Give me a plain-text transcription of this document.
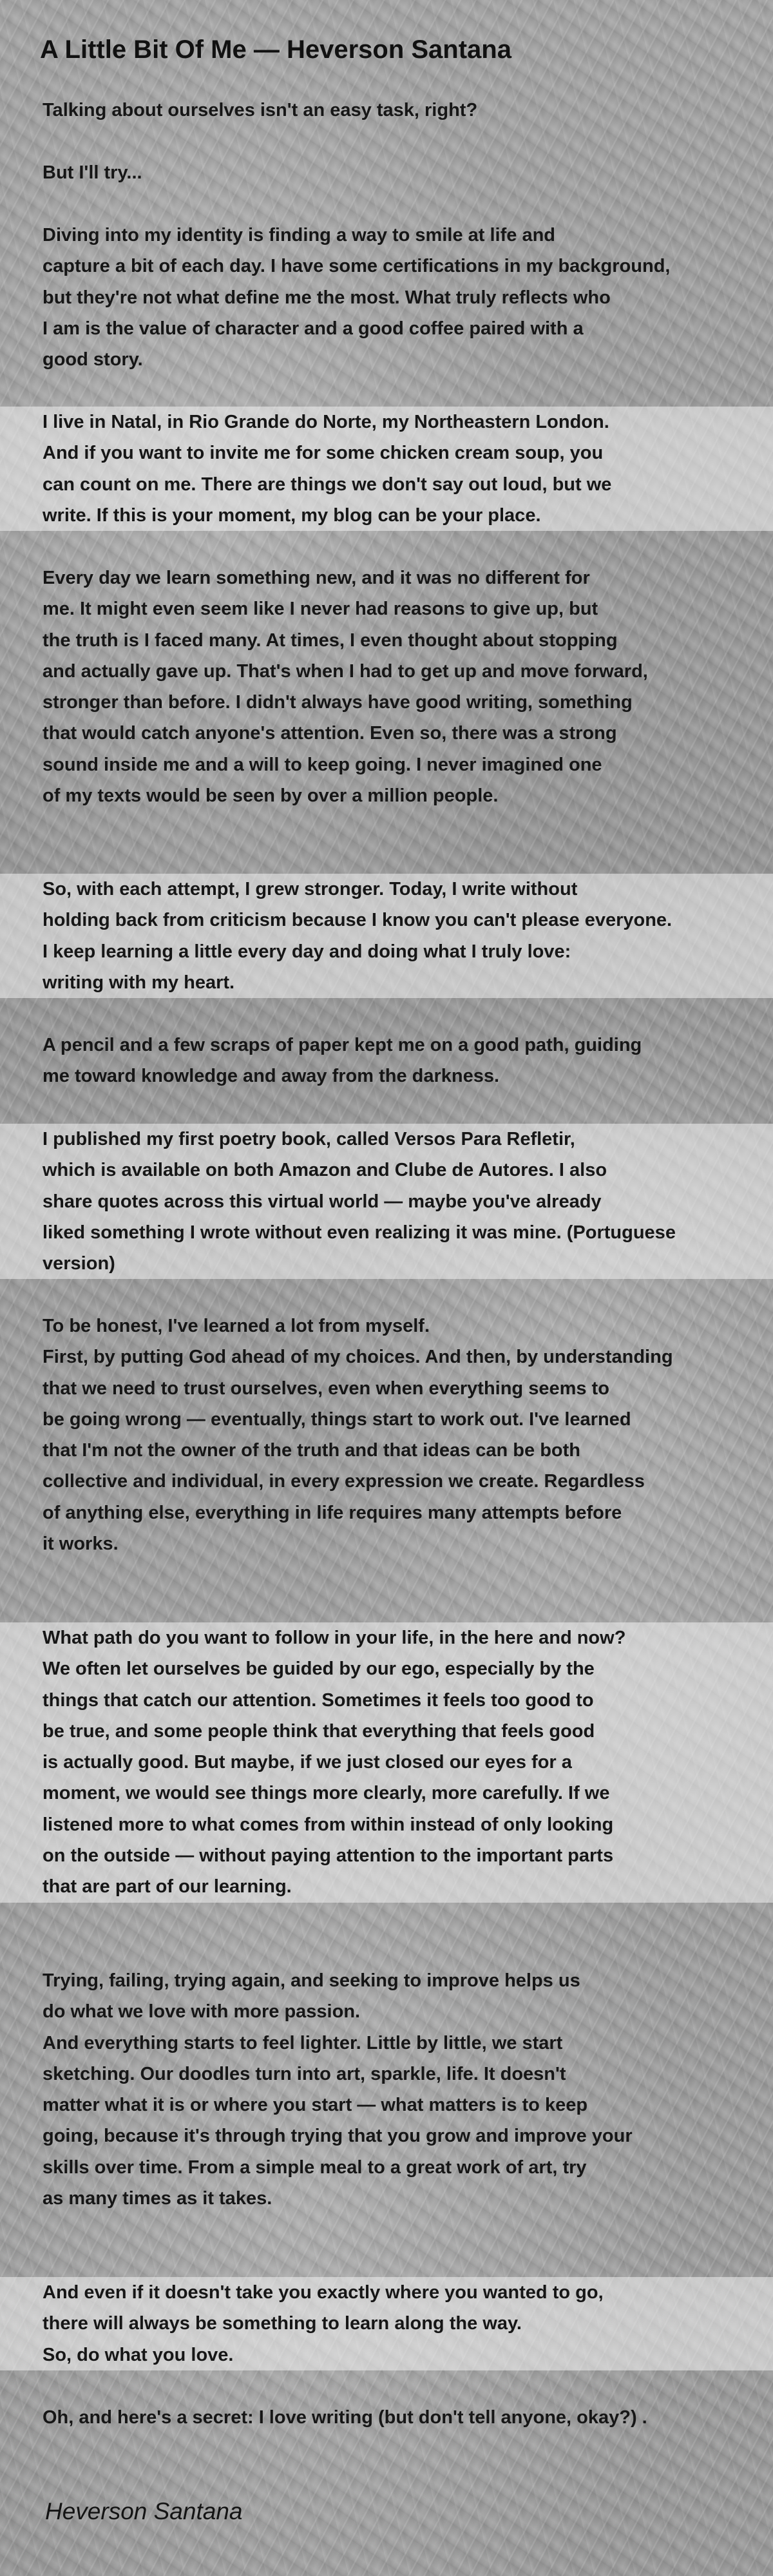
A Little Bit Of Me — Heverson Santana
Talking about ourselves isn't an easy task, right?
But I'll try...
Diving into my identity is finding a way to smile at life and
capture a bit of each day. I have some certifications in my background,
but they're not what define me the most. What truly reflects who
I am is the value of character and a good coffee paired with a
good story.
I live in Natal, in Rio Grande do Norte, my Northeastern London.
And if you want to invite me for some chicken cream soup, you
can count on me. There are things we don't say out loud, but we
write. If this is your moment, my blog can be your place.
Every day we learn something new, and it was no different for
me. It might even seem like I never had reasons to give up, but
the truth is I faced many. At times, I even thought about stopping
and actually gave up. That's when I had to get up and move forward,
stronger than before. I didn't always have good writing, something
that would catch anyone's attention. Even so, there was a strong
sound inside me and a will to keep going. I never imagined one
of my texts would be seen by over a million people.
So, with each attempt, I grew stronger. Today, I write without
holding back from criticism because I know you can't please everyone.
I keep learning a little every day and doing what I truly love:
writing with my heart.
A pencil and a few scraps of paper kept me on a good path, guiding
me toward knowledge and away from the darkness.
I published my first poetry book, called Versos Para Refletir,
which is available on both Amazon and Clube de Autores. I also
share quotes across this virtual world — maybe you've already
liked something I wrote without even realizing it was mine. (Portuguese
version)
To be honest, I've learned a lot from myself.
First, by putting God ahead of my choices. And then, by understanding
that we need to trust ourselves, even when everything seems to
be going wrong — eventually, things start to work out. I've learned
that I'm not the owner of the truth and that ideas can be both
collective and individual, in every expression we create. Regardless
of anything else, everything in life requires many attempts before
it works.
What path do you want to follow in your life, in the here and now?
We often let ourselves be guided by our ego, especially by the
things that catch our attention. Sometimes it feels too good to
be true, and some people think that everything that feels good
is actually good. But maybe, if we just closed our eyes for a
moment, we would see things more clearly, more carefully. If we
listened more to what comes from within instead of only looking
on the outside — without paying attention to the important parts
that are part of our learning.
Trying, failing, trying again, and seeking to improve helps us
do what we love with more passion.
And everything starts to feel lighter. Little by little, we start
sketching. Our doodles turn into art, sparkle, life. It doesn't
matter what it is or where you start — what matters is to keep
going, because it's through trying that you grow and improve your
skills over time. From a simple meal to a great work of art, try
as many times as it takes.
And even if it doesn't take you exactly where you wanted to go,
there will always be something to learn along the way.
So, do what you love.
Oh, and here's a secret: I love writing (but don't tell anyone, okay?) .
Heverson Santana
